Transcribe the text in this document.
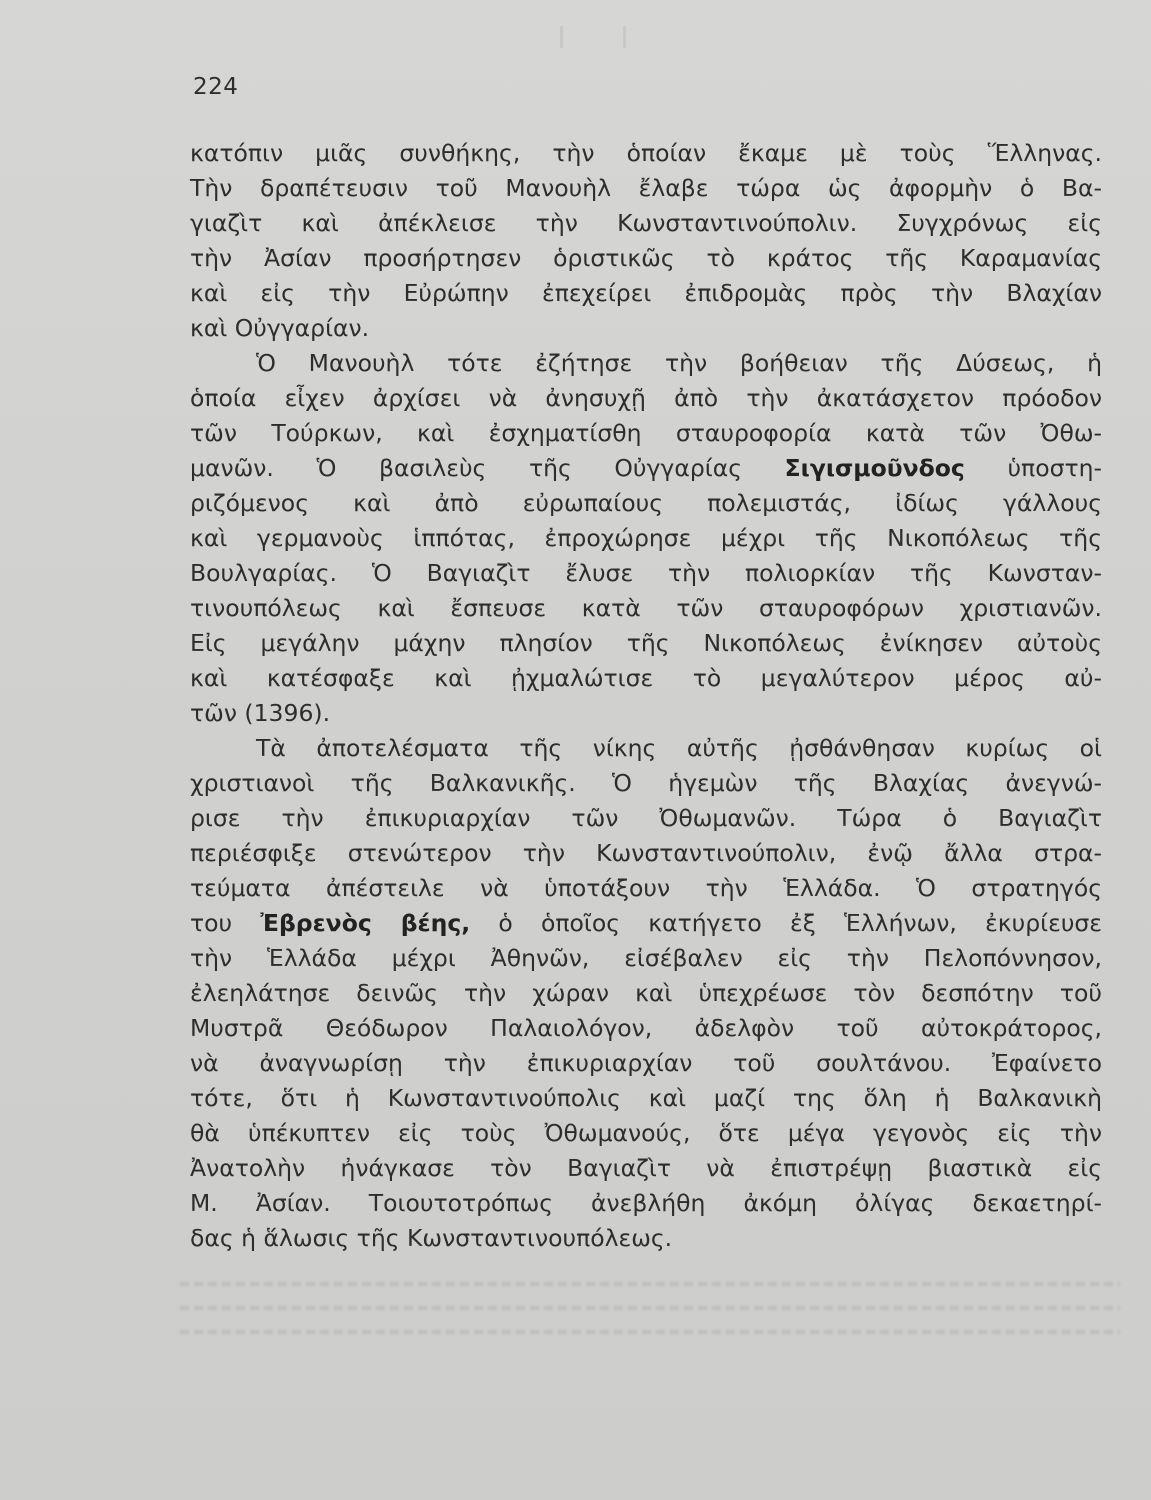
224
κατόπιν μιᾶς συνθήκης, τὴν ὁποίαν ἔκαμε μὲ τοὺς Ἕλληνας.
Τὴν δραπέτευσιν τοῦ Μανουὴλ ἔλαβε τώρα ὡς ἀφορμὴν ὁ Βα-
γιαζὶτ καὶ ἀπέκλεισε τὴν Κωνσταντινούπολιν. Συγχρόνως εἰς
τὴν Ἀσίαν προσήρτησεν ὁριστικῶς τὸ κράτος τῆς Καραμανίας
καὶ εἰς τὴν Εὐρώπην ἐπεχείρει ἐπιδρομὰς πρὸς τὴν Βλαχίαν
καὶ Οὐγγαρίαν.
Ὁ Μανουὴλ τότε ἐζήτησε τὴν βοήθειαν τῆς Δύσεως, ἡ
ὁποία εἶχεν ἀρχίσει νὰ ἀνησυχῇ ἀπὸ τὴν ἀκατάσχετον πρόοδον
τῶν Τούρκων, καὶ ἐσχηματίσθη σταυροφορία κατὰ τῶν Ὀθω-
μανῶν. Ὁ βασιλεὺς τῆς Οὐγγαρίας Σιγισμοῦνδος ὑποστη-
ριζόμενος καὶ ἀπὸ εὐρωπαίους πολεμιστάς, ἰδίως γάλλους
καὶ γερμανοὺς ἱππότας, ἐπροχώρησε μέχρι τῆς Νικοπόλεως τῆς
Βουλγαρίας. Ὁ Βαγιαζὶτ ἔλυσε τὴν πολιορκίαν τῆς Κωνσταν-
τινουπόλεως καὶ ἔσπευσε κατὰ τῶν σταυροφόρων χριστιανῶν.
Εἰς μεγάλην μάχην πλησίον τῆς Νικοπόλεως ἐνίκησεν αὐτοὺς
καὶ κατέσφαξε καὶ ᾐχμαλώτισε τὸ μεγαλύτερον μέρος αὐ-
τῶν (1396).
Τὰ ἀποτελέσματα τῆς νίκης αὐτῆς ᾐσθάνθησαν κυρίως οἱ
χριστιανοὶ τῆς Βαλκανικῆς. Ὁ ἡγεμὼν τῆς Βλαχίας ἀνεγνώ-
ρισε τὴν ἐπικυριαρχίαν τῶν Ὀθωμανῶν. Τώρα ὁ Βαγιαζὶτ
περιέσφιξε στενώτερον τὴν Κωνσταντινούπολιν, ἐνῷ ἄλλα στρα-
τεύματα ἀπέστειλε νὰ ὑποτάξουν τὴν Ἑλλάδα. Ὁ στρατηγός
του Ἐβρενὸς βέης, ὁ ὁποῖος κατήγετο ἐξ Ἑλλήνων, ἐκυρίευσε
τὴν Ἑλλάδα μέχρι Ἀθηνῶν, εἰσέβαλεν εἰς τὴν Πελοπόννησον,
ἐλεηλάτησε δεινῶς τὴν χώραν καὶ ὑπεχρέωσε τὸν δεσπότην τοῦ
Μυστρᾶ Θεόδωρον Παλαιολόγον, ἀδελφὸν τοῦ αὐτοκράτορος,
νὰ ἀναγνωρίσῃ τὴν ἐπικυριαρχίαν τοῦ σουλτάνου. Ἐφαίνετο
τότε, ὅτι ἡ Κωνσταντινούπολις καὶ μαζί της ὅλη ἡ Βαλκανικὴ
θὰ ὑπέκυπτεν εἰς τοὺς Ὀθωμανούς, ὅτε μέγα γεγονὸς εἰς τὴν
Ἀνατολὴν ἠνάγκασε τὸν Βαγιαζὶτ νὰ ἐπιστρέψῃ βιαστικὰ εἰς
Μ. Ἀσίαν. Τοιουτοτρόπως ἀνεβλήθη ἀκόμη ὀλίγας δεκαετηρί-
δας ἡ ἅλωσις τῆς Κωνσταντινουπόλεως.
